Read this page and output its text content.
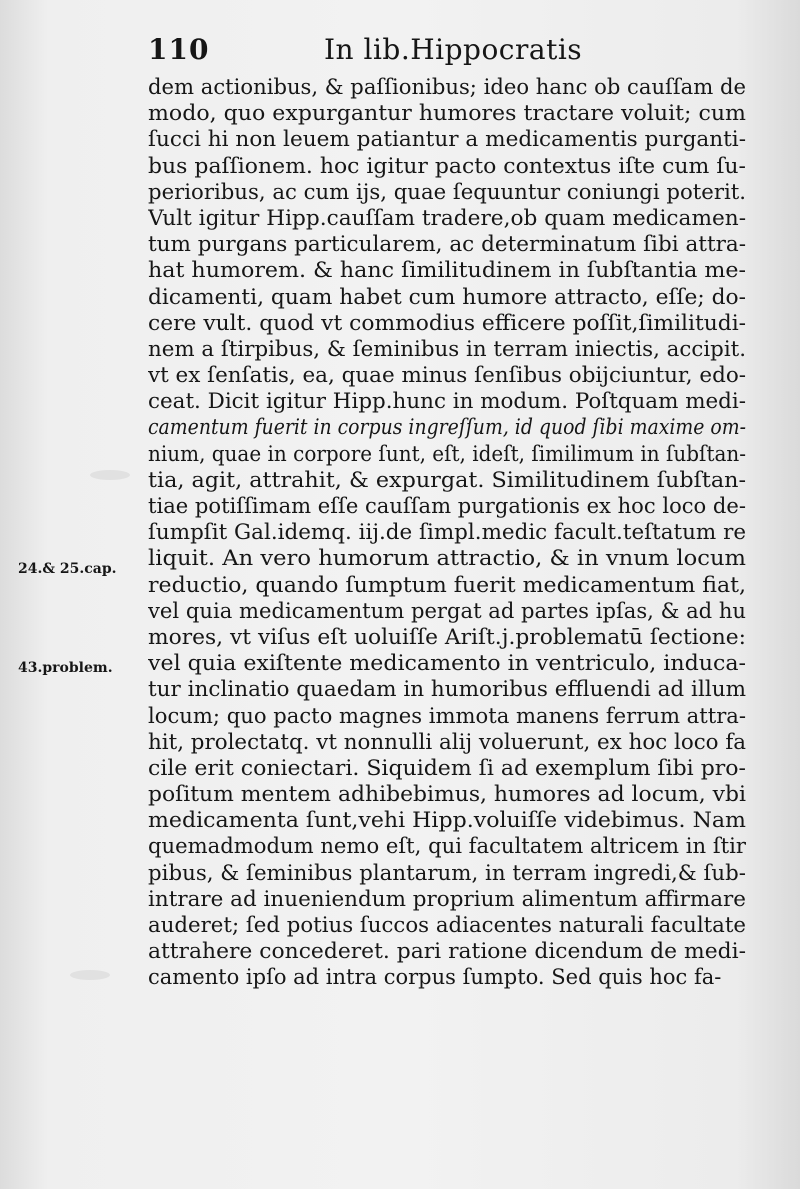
110	In lib.Hippocratis
24.& 25.cap.
43.problem.
dem actionibus, & paſſionibus; ideo hanc ob cauſſam de
modo, quo expurgantur humores tractare voluit; cum
ſucci hi non leuem patiantur a medicamentis purganti-
bus paſſionem. hoc igitur pacto contextus iſte cum ſu-
perioribus, ac cum ijs, quae ſequuntur coniungi poterit.
Vult igitur Hipp.cauſſam tradere,ob quam medicamen-
tum purgans particularem, ac determinatum ſibi attra-
hat humorem. & hanc ſimilitudinem in ſubſtantia me-
dicamenti, quam habet cum humore attracto, eſſe; do-
cere vult. quod vt commodius efficere poſſit,ſimilitudi-
nem a ſtirpibus, & ſeminibus in terram iniectis, accipit.
vt ex ſenſatis, ea, quae minus ſenſibus obijciuntur, edo-
ceat. Dicit igitur Hipp.hunc in modum. Poſtquam medi-
camentum fuerit in corpus ingreſſum, id quod ſibi maxime om-
nium, quae in corpore ſunt, eſt, ideſt, ſimilimum in ſubſtan-
tia, agit, attrahit, & expurgat. Similitudinem ſubſtan-
tiae potiſſimam eſſe cauſſam purgationis ex hoc loco de-
ſumpſit Gal.idemq. iij.de ſimpl.medic facult.teſtatum re
liquit. An vero humorum attractio, & in vnum locum
reductio, quando ſumptum fuerit medicamentum fiat,
vel quia medicamentum pergat ad partes ipſas, & ad hu
mores, vt viſus eſt uoluiſſe Ariſt.j.problematū ſectione:
vel quia exiſtente medicamento in ventriculo, induca-
tur inclinatio quaedam in humoribus effluendi ad illum
locum; quo pacto magnes immota manens ferrum attra-
hit, prolectatq. vt nonnulli alij voluerunt, ex hoc loco fa
cile erit coniectari. Siquidem ſi ad exemplum ſibi pro-
poſitum mentem adhibebimus, humores ad locum, vbi
medicamenta ſunt,vehi Hipp.voluiſſe videbimus. Nam
quemadmodum nemo eſt, qui facultatem altricem in ſtir
pibus, & ſeminibus plantarum, in terram ingredi,& ſub-
intrare ad inueniendum proprium alimentum affirmare
auderet; ſed potius ſuccos adiacentes naturali facultate
attrahere concederet. pari ratione dicendum de medi-
camento ipſo ad intra corpus ſumpto. Sed quis hoc fa-
